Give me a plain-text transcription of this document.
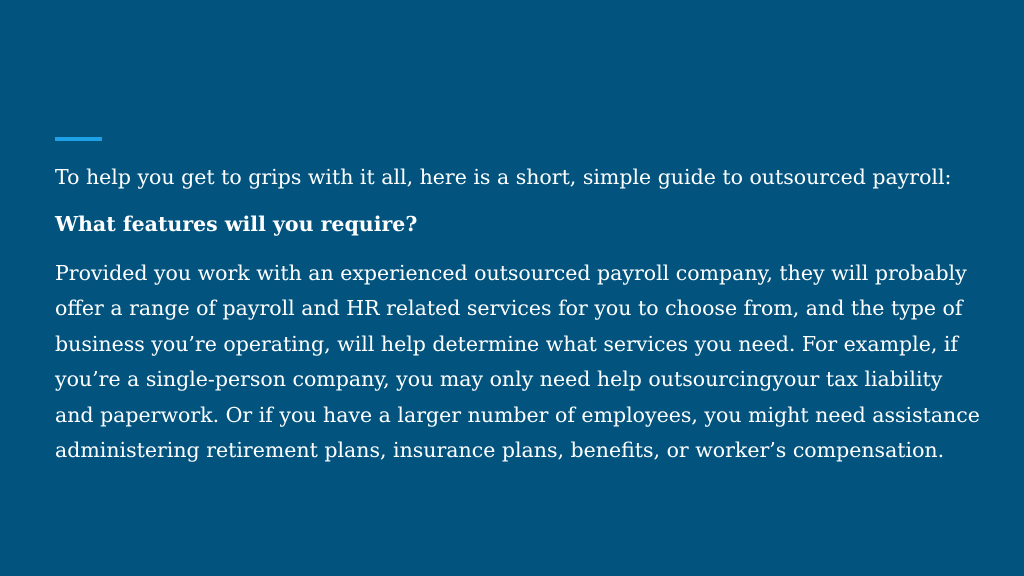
To help you get to grips with it all, here is a short, simple guide to outsourced payroll:

What features will you require?

Provided you work with an experienced outsourced payroll company, they will probably offer a range of payroll and HR related services for you to choose from, and the type of business you’re operating, will help determine what services you need. For example, if you’re a single-person company, you may only need help outsourcingyour tax liability and paperwork. Or if you have a larger number of employees, you might need assistance administering retirement plans, insurance plans, benefits, or worker’s compensation.
